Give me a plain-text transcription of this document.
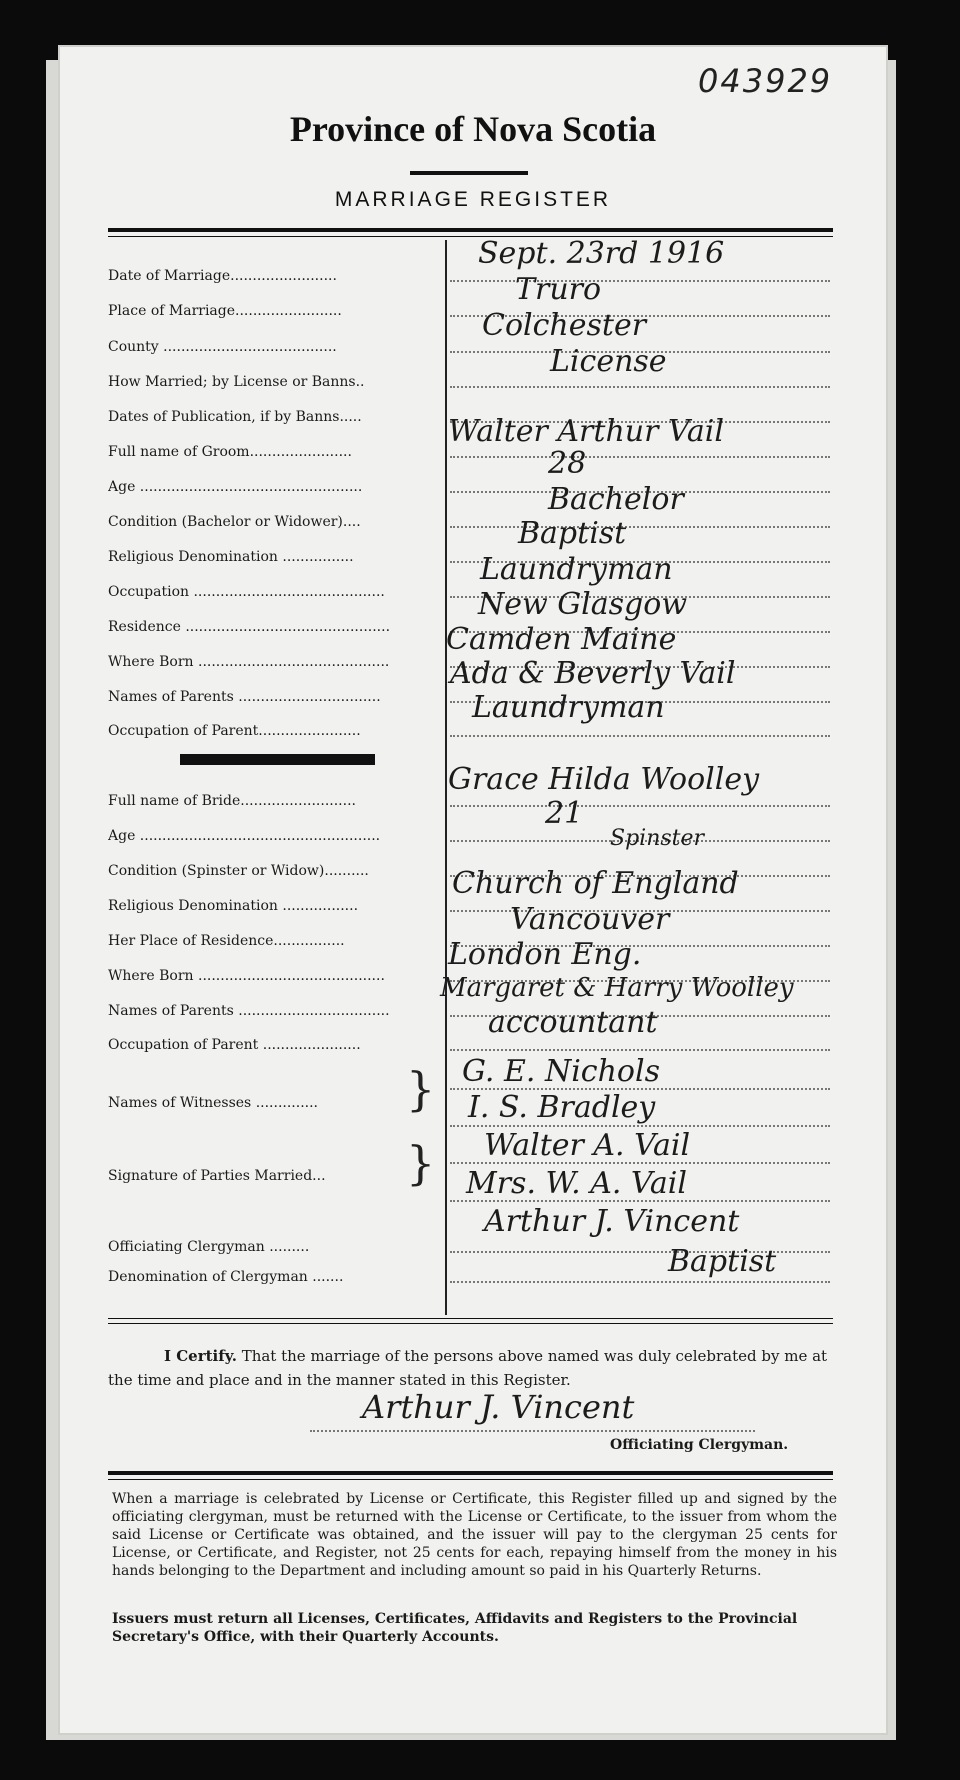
043929
Province of Nova Scotia
MARRIAGE REGISTER
Date of Marriage........................
Sept. 23rd 1916
Place of Marriage........................
Truro
County .......................................
Colchester
How Married; by License or Banns..
License
Dates of Publication, if by Banns.....
Full name of Groom.......................
Walter Arthur Vail
Age ..................................................
28
Condition (Bachelor or Widower)....
Bachelor
Religious Denomination ................
Baptist
Occupation ...........................................
Laundryman
Residence ..............................................
New Glasgow
Where Born ...........................................
Camden Maine
Names of Parents ................................
Ada & Beverly Vail
Occupation of Parent.......................
Laundryman
Full name of Bride..........................
Grace Hilda Woolley
Age ......................................................
21
Condition (Spinster or Widow)..........
Spinster
Religious Denomination .................
Church of England
Her Place of Residence................
Vancouver
Where Born ..........................................
London Eng.
Names of Parents ..................................
Margaret & Harry Woolley
Occupation of Parent ......................
accountant
Names of Witnesses ..............	} G. E. Nichols
I. S. Bradley
Signature of Parties Married...	} Walter A. Vail
Mrs. W. A. Vail
Officiating Clergyman .........
Arthur J. Vincent
Denomination of Clergyman .......	Baptist
I Certify. That the marriage of the persons above named was duly celebrated by me at the time and place and in the manner stated in this Register.
Arthur J. Vincent
Officiating Clergyman.
When a marriage is celebrated by License or Certificate, this Register filled up and signed by the officiating clergyman, must be returned with the License or Certificate, to the issuer from whom the said License or Certificate was obtained, and the issuer will pay to the clergyman 25 cents for License, or Certificate, and Register, not 25 cents for each, repaying himself from the money in his hands belonging to the Department and including amount so paid in his Quarterly Returns.
Issuers must return all Licenses, Certificates, Affidavits and Registers to the Provincial Secretary's Office, with their Quarterly Accounts.
